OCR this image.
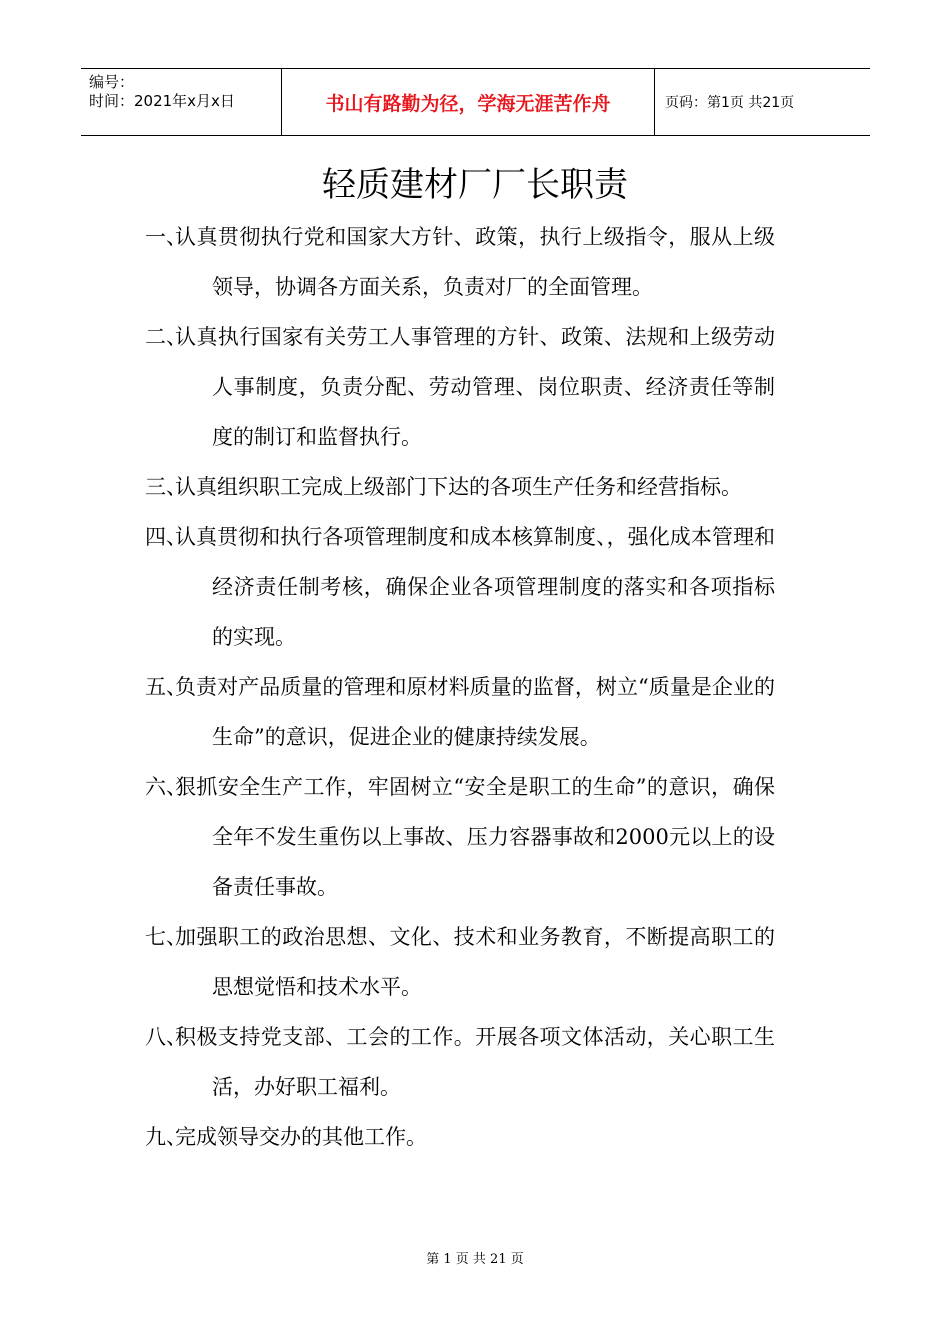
编号：
时间：2021年x月x日	书山有路勤为径，学海无涯苦作舟	页码：第1页 共21页
轻质建材厂厂长职责
一、
认真贯彻执行党和国家大方针、政策，执行上级指令，服从上级领导，协调各方面关系，负责对厂的全面管理。
二、
认真执行国家有关劳工人事管理的方针、政策、法规和上级劳动人事制度，负责分配、劳动管理、岗位职责、经济责任等制度的制订和监督执行。
三、
认真组织职工完成上级部门下达的各项生产任务和经营指标。
四、
认真贯彻和执行各项管理制度和成本核算制度、，强化成本管理和经济责任制考核，确保企业各项管理制度的落实和各项指标的实现。
五、
负责对产品质量的管理和原材料质量的监督，树立“质量是企业的生命”的意识，促进企业的健康持续发展。
六、
狠抓安全生产工作，牢固树立“安全是职工的生命”的意识，确保全年不发生重伤以上事故、压力容器事故和2000元以上的设备责任事故。
七、
加强职工的政治思想、文化、技术和业务教育，不断提高职工的思想觉悟和技术水平。
八、
积极支持党支部、工会的工作。开展各项文体活动，关心职工生活，办好职工福利。
九、
完成领导交办的其他工作。
第 1 页 共 21 页
